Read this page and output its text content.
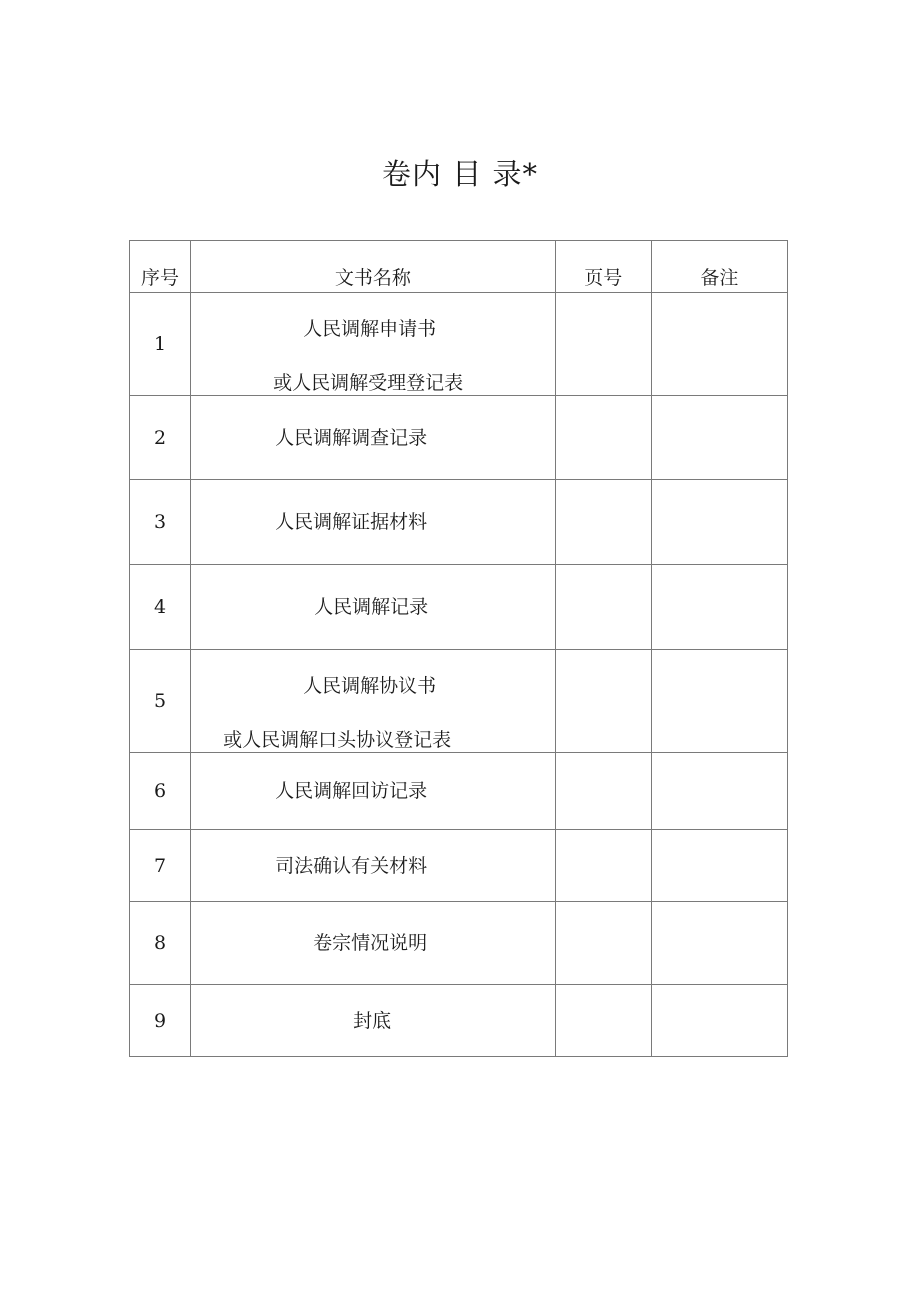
卷内 目 录*
序号	文书名称	页号	备注
1	人民调解申请书
或人民调解受理登记表		

2	人民调解调查记录		

3	人民调解证据材料		

4	人民调解记录		

5	人民调解协议书
或人民调解口头协议登记表		

6	人民调解回访记录		

7	司法确认有关材料		

8	卷宗情况说明		

9	封底		
